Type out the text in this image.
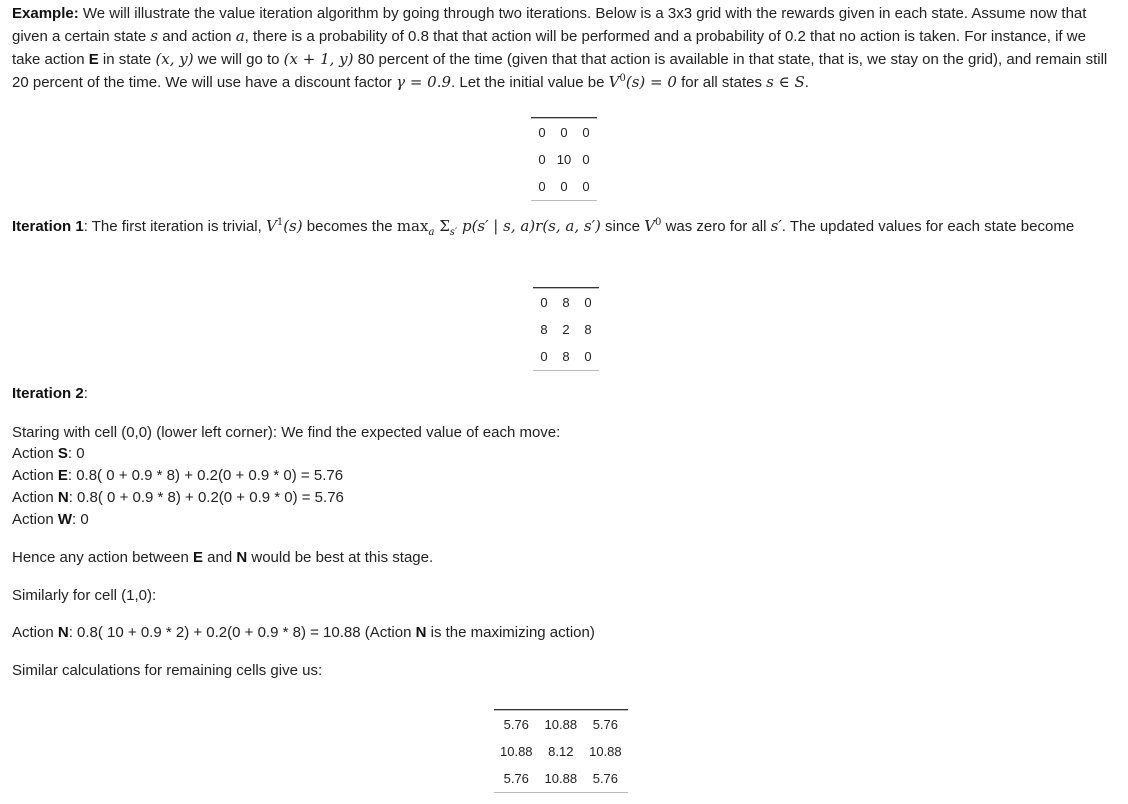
Example: We will illustrate the value iteration algorithm by going through two iterations. Below is a 3x3 grid with the rewards given in each state. Assume now that given a certain state s and action a, there is a probability of 0.8 that that action will be performed and a probability of 0.2 that no action is taken. For instance, if we take action E in state (x, y) we will go to (x + 1, y) 80 percent of the time (given that that action is available in that state, that is, we stay on the grid), and remain still 20 percent of the time. We will use have a discount factor γ = 0.9. Let the initial value be $V^0(s) = 0$ for all states s ∈ S.

0	0	0
0	10	0
0	0	0
Iteration 1: The first iteration is trivial, $V^1(s)$ becomes the $\max_a \Sigma_{s'}$ p(s′ | s, a)r(s, a, s′) since $V^0$ was zero for all s′. The updated values for each state become

0	8	0
8	2	8
0	8	0
Iteration 2:
Staring with cell (0,0) (lower left corner): We find the expected value of each move:
Action S: 0
Action E: 0.8( 0 + 0.9 * 8) + 0.2(0 + 0.9 * 0) = 5.76
Action N: 0.8( 0 + 0.9 * 8) + 0.2(0 + 0.9 * 0) = 5.76
Action W: 0
Hence any action between E and N would be best at this stage.
Similarly for cell (1,0):
Action N: 0.8( 10 + 0.9 * 2) + 0.2(0 + 0.9 * 8) = 10.88 (Action N is the maximizing action)
Similar calculations for remaining cells give us:

5.76	10.88	5.76
10.88	8.12	10.88
5.76	10.88	5.76
